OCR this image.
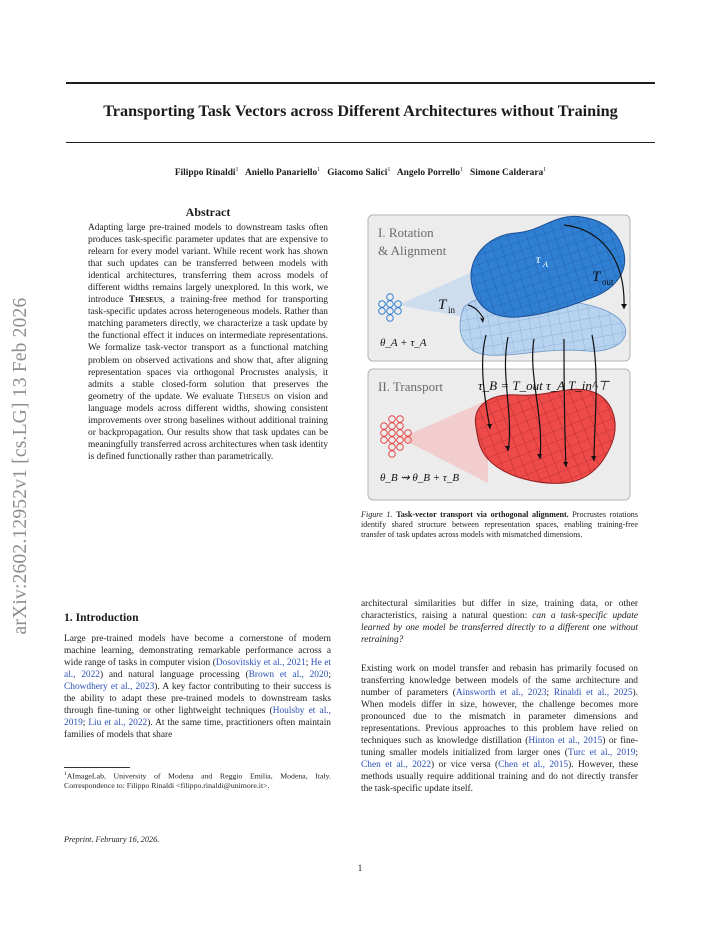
arXiv:2602.12952v1 [cs.LG] 13 Feb 2026
Transporting Task Vectors across Different Architectures without Training
Filippo Rinaldi$^1$ Aniello Panariello$^1$ Giacomo Salici$^1$ Angelo Porrello$^1$ Simone Calderara$^1$
Abstract
Adapting large pre-trained models to downstream tasks often produces task-specific parameter updates that are expensive to relearn for every model variant. While recent work has shown that such updates can be transferred between models with identical architectures, transferring them across models of different widths remains largely unexplored. In this work, we introduce Theseus, a training-free method for transporting task-specific updates across heterogeneous models. Rather than matching parameters directly, we characterize a task update by the functional effect it induces on intermediate representations. We formalize task-vector transport as a functional matching problem on observed activations and show that, after aligning representation spaces via orthogonal Procrustes analysis, it admits a stable closed-form solution that preserves the geometry of the update. We evaluate Theseus on vision and language models across different widths, showing consistent improvements over strong baselines without additional training or backpropagation. Our results show that task updates can be meaningfully transferred across architectures when task identity is defined functionally rather than parametrically.
I. Rotation
& Alignment
II. Transport
τ A
T out
T in
θ_A + τ_A
τ_B = T_out τ_A T_in^⊤
θ_B ⇝ θ_B + τ_B
Figure 1. Task-vector transport via orthogonal alignment. Procrustes rotations identify shared structure between representation spaces, enabling training-free transfer of task updates across models with mismatched dimensions.
1. Introduction
Large pre-trained models have become a cornerstone of modern machine learning, demonstrating remarkable performance across a wide range of tasks in computer vision (Dosovitskiy et al., 2021; He et al., 2022) and natural language processing (Brown et al., 2020; Chowdhery et al., 2023). A key factor contributing to their success is the ability to adapt these pre-trained models to downstream tasks through fine-tuning or other lightweight techniques (Houlsby et al., 2019; Liu et al., 2022). At the same time, practitioners often maintain families of models that share
$^1$AImageLab, University of Modena and Reggio Emilia, Modena, Italy. Correspondence to: Filippo Rinaldi <filippo.rinaldi@unimore.it>.
Preprint. February 16, 2026.
architectural similarities but differ in size, training data, or other characteristics, raising a natural question: can a task-specific update learned by one model be transferred directly to a different one without retraining?
Existing work on model transfer and rebasin has primarily focused on transferring knowledge between models of the same architecture and number of parameters (Ainsworth et al., 2023; Rinaldi et al., 2025). When models differ in size, however, the challenge becomes more pronounced due to the mismatch in parameter dimensions and representations. Previous approaches to this problem have relied on techniques such as knowledge distillation (Hinton et al., 2015) or fine-tuning smaller models initialized from larger ones (Turc et al., 2019; Chen et al., 2022) or vice versa (Chen et al., 2015). However, these methods usually require additional training and do not directly transfer the task-specific update itself.
1
